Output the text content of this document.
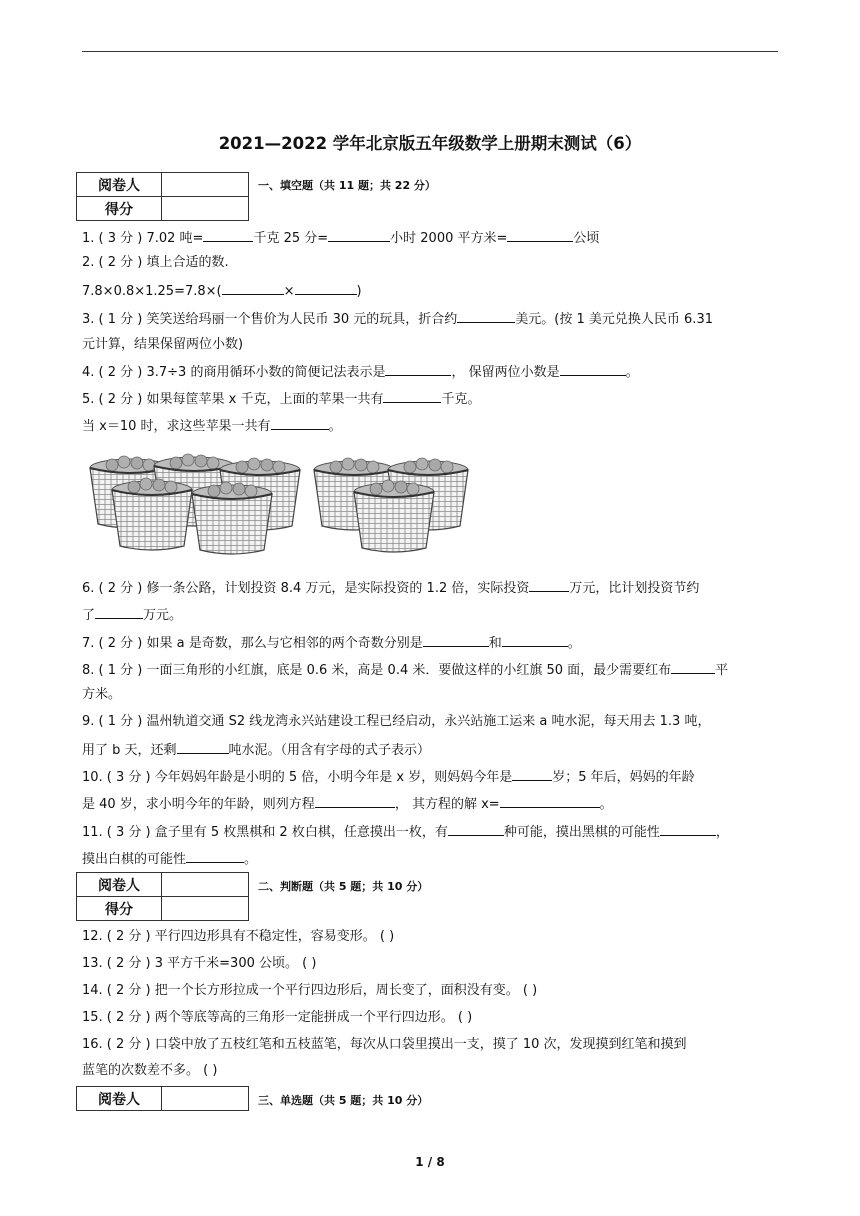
2021—2022 学年北京版五年级数学上册期末测试（6）
阅卷人	
得分	
一、填空题（共 11 题；共 22 分）
1. ( 3 分 ) 7.02 吨=	千克 25 分=	小时 2000 平方米=	公顷
2. ( 2 分 ) 填上合适的数.
7.8×0.8×1.25=7.8×(	×	)
3. ( 1 分 ) 笑笑送给玛丽一个售价为人民币 30 元的玩具，折合约	美元。(按 1 美元兑换人民币 6.31
元计算，结果保留两位小数)
4. ( 2 分 ) 3.7÷3 的商用循环小数的简便记法表示是	， 保留两位小数是	。
5. ( 2 分 ) 如果每筐苹果 x 千克，上面的苹果一共有	千克。
当 x＝10 时，求这些苹果一共有	。
6. ( 2 分 ) 修一条公路，计划投资 8.4 万元，是实际投资的 1.2 倍，实际投资	万元，比计划投资节约
了	万元。
7. ( 2 分 ) 如果 a 是奇数，那么与它相邻的两个奇数分别是	和	。
8. ( 1 分 ) 一面三角形的小红旗，底是 0.6 米，高是 0.4 米．要做这样的小红旗 50 面，最少需要红布	平
方米。
9. ( 1 分 ) 温州轨道交通 S2 线龙湾永兴站建设工程已经启动，永兴站施工运来 a 吨水泥，每天用去 1.3 吨，
用了 b 天，还剩	吨水泥。（用含有字母的式子表示）
10. ( 3 分 ) 今年妈妈年龄是小明的 5 倍，小明今年是 x 岁，则妈妈今年是	岁；5 年后，妈妈的年龄
是 40 岁，求小明今年的年龄，则列方程	， 其方程的解 x=	。
11. ( 3 分 ) 盒子里有 5 枚黑棋和 2 枚白棋，任意摸出一枚，有	种可能，摸出黑棋的可能性	，
摸出白棋的可能性	。
阅卷人	
得分	
二、判断题（共 5 题；共 10 分）
12. ( 2 分 ) 平行四边形具有不稳定性，容易变形。 ( )
13. ( 2 分 ) 3 平方千米=300 公顷。 ( )
14. ( 2 分 ) 把一个长方形拉成一个平行四边形后，周长变了，面积没有变。 ( )
15. ( 2 分 ) 两个等底等高的三角形一定能拼成一个平行四边形。 ( )
16. ( 2 分 ) 口袋中放了五枝红笔和五枝蓝笔，每次从口袋里摸出一支，摸了 10 次，发现摸到红笔和摸到
蓝笔的次数差不多。 ( )
阅卷人		三、单选题（共 5 题；共 10 分）
1 / 8
